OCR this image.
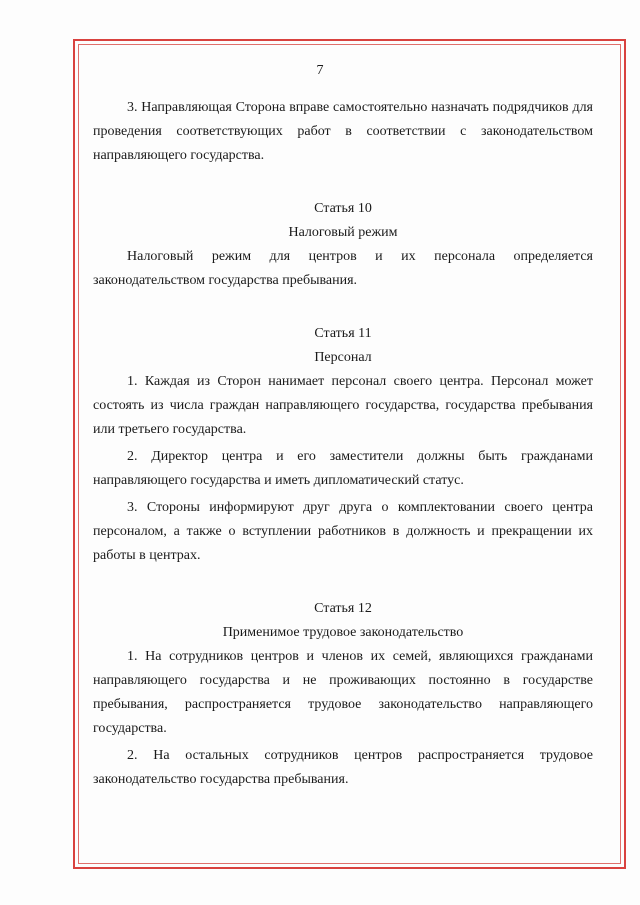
7

3. Направляющая Сторона вправе самостоятельно назначать подрядчиков для проведения соответствующих работ в соответствии с законодательством направляющего государства.

Статья 10

Налоговый режим

Налоговый режим для центров и их персонала определяется законодательством государства пребывания.

Статья 11

Персонал

1. Каждая из Сторон нанимает персонал своего центра. Персонал может состоять из числа граждан направляющего государства, государства пребывания или третьего государства.

2. Директор центра и его заместители должны быть гражданами направляющего государства и иметь дипломатический статус.

3. Стороны информируют друг друга о комплектовании своего центра персоналом, а также о вступлении работников в должность и прекращении их работы в центрах.

Статья 12

Применимое трудовое законодательство

1. На сотрудников центров и членов их семей, являющихся гражданами направляющего государства и не проживающих постоянно в государстве пребывания, распространяется трудовое законодательство направляющего государства.

2. На остальных сотрудников центров распространяется трудовое законодательство государства пребывания.
